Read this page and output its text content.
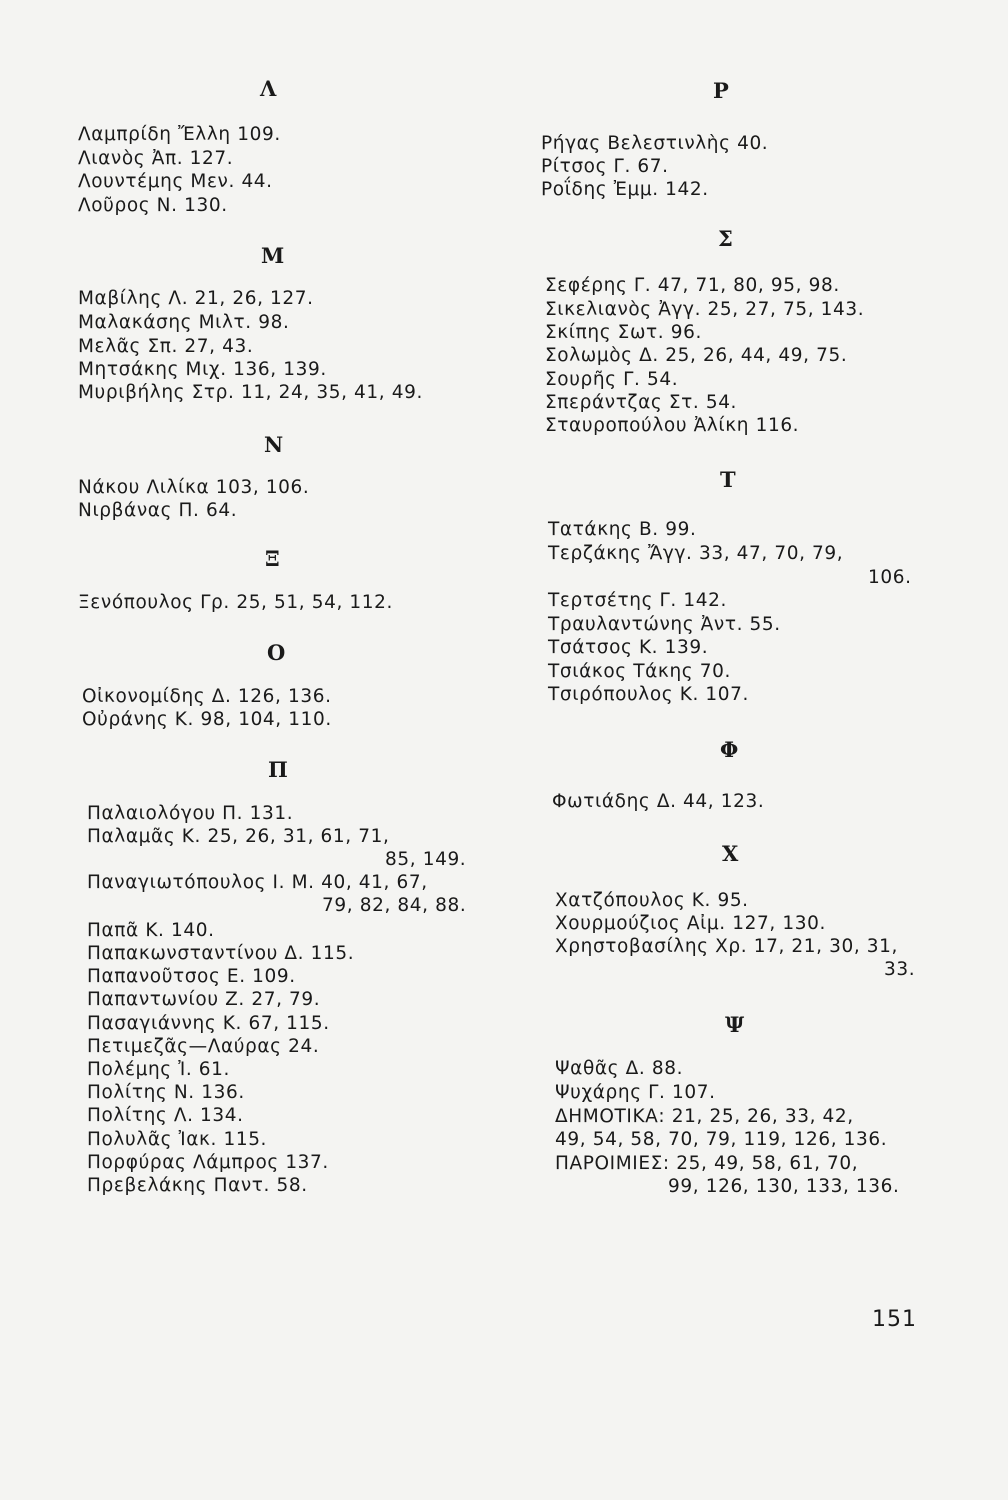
Λ
Λαμπρίδη Ἔλλη 109.
Λιανὸς Ἀπ. 127.
Λουντέμης Μεν. 44.
Λοῦρος Ν. 130.
Μ
Μαβίλης Λ. 21, 26, 127.
Μαλακάσης Μιλτ. 98.
Μελᾶς Σπ. 27, 43.
Μητσάκης Μιχ. 136, 139.
Μυριβήλης Στρ. 11, 24, 35, 41, 49.
Ν
Νάκου Λιλίκα 103, 106.
Νιρβάνας Π. 64.
Ξ
Ξενόπουλος Γρ. 25, 51, 54, 112.
Ο
Οἰκονομίδης Δ. 126, 136.
Οὐράνης Κ. 98, 104, 110.
Π
Παλαιολόγου Π. 131.
Παλαμᾶς Κ. 25, 26, 31, 61, 71,
85, 149.
Παναγιωτόπουλος Ι. Μ. 40, 41, 67,
79, 82, 84, 88.
Παπᾶ Κ. 140.
Παπακωνσταντίνου Δ. 115.
Παπανοῦτσος Ε. 109.
Παπαντωνίου Ζ. 27, 79.
Πασαγιάννης Κ. 67, 115.
Πετιμεζᾶς—Λαύρας 24.
Πολέμης Ἰ. 61.
Πολίτης Ν. 136.
Πολίτης Λ. 134.
Πολυλᾶς Ἰακ. 115.
Πορφύρας Λάμπρος 137.
Πρεβελάκης Παντ. 58.
Ρ
Ρήγας Βελεστινλὴς 40.
Ρίτσος Γ. 67.
Ροΐδης Ἐμμ. 142.
Σ
Σεφέρης Γ. 47, 71, 80, 95, 98.
Σικελιανὸς Ἀγγ. 25, 27, 75, 143.
Σκίπης Σωτ. 96.
Σολωμὸς Δ. 25, 26, 44, 49, 75.
Σουρῆς Γ. 54.
Σπεράντζας Στ. 54.
Σταυροπούλου Ἀλίκη 116.
Τ
Τατάκης Β. 99.
Τερζάκης Ἄγγ. 33, 47, 70, 79,
106.
Τερτσέτης Γ. 142.
Τραυλαντώνης Ἀντ. 55.
Τσάτσος Κ. 139.
Τσιάκος Τάκης 70.
Τσιρόπουλος Κ. 107.
Φ
Φωτιάδης Δ. 44, 123.
Χ
Χατζόπουλος Κ. 95.
Χουρμούζιος Αἰμ. 127, 130.
Χρηστοβασίλης Χρ. 17, 21, 30, 31,
33.
Ψ
Ψαθᾶς Δ. 88.
Ψυχάρης Γ. 107.
ΔΗΜΟΤΙΚΑ: 21, 25, 26, 33, 42,
49, 54, 58, 70, 79, 119, 126, 136.
ΠΑΡΟΙΜΙΕΣ: 25, 49, 58, 61, 70,
99, 126, 130, 133, 136.
151
